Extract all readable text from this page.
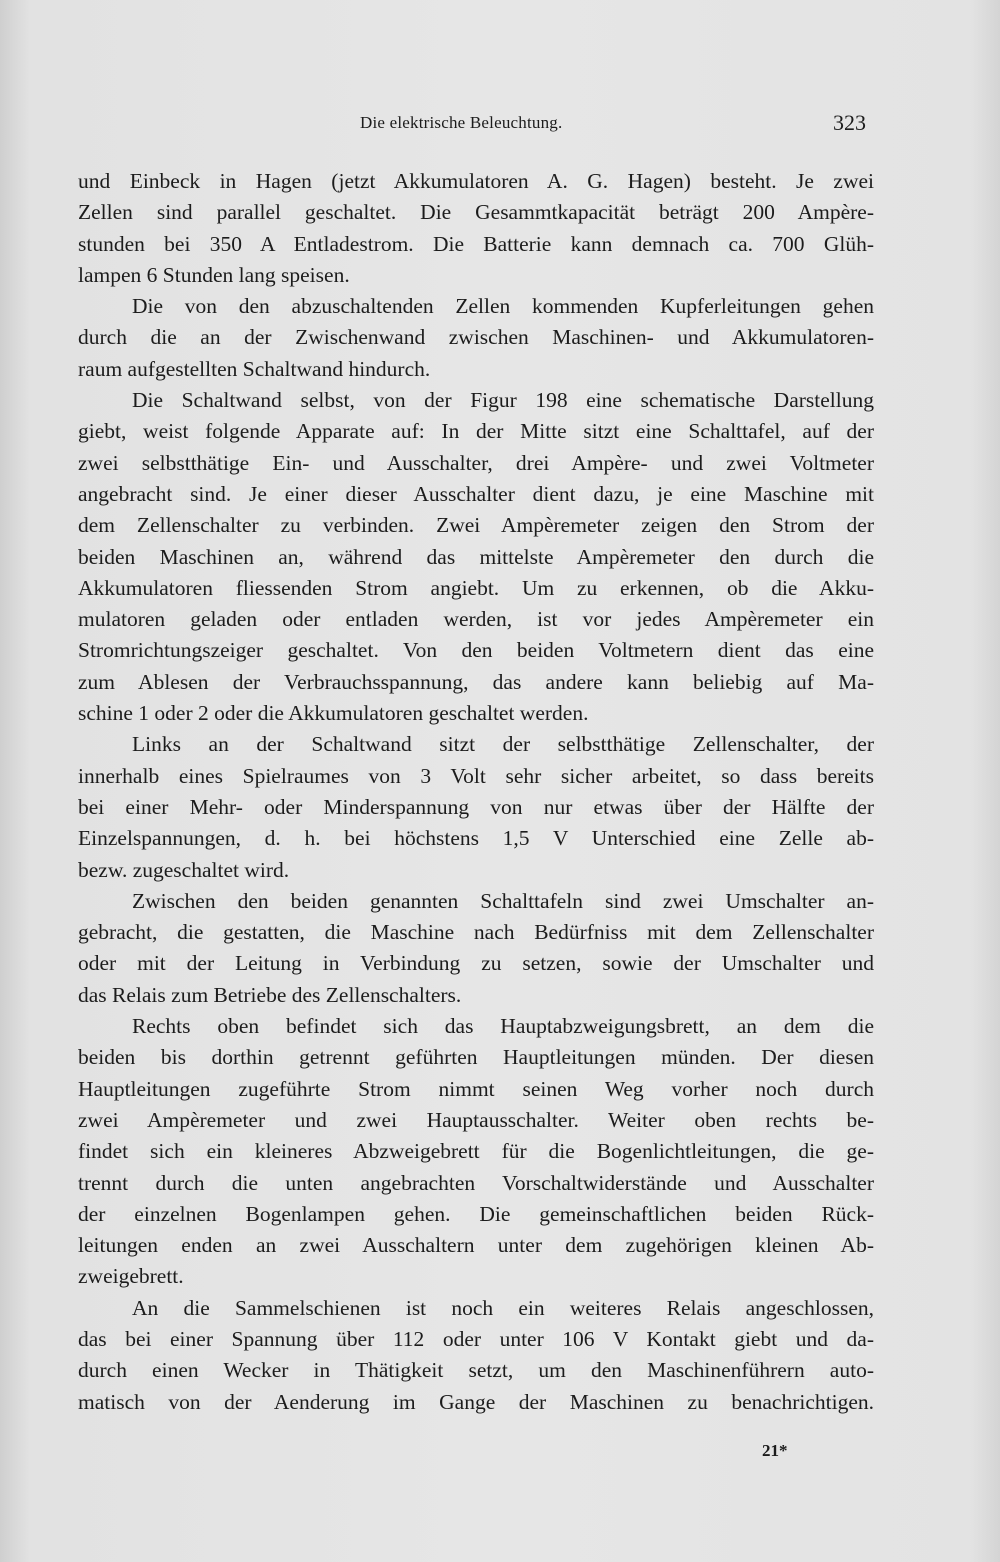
Die elektrische Beleuchtung.	323
und Einbeck in Hagen (jetzt Akkumulatoren A. G. Hagen) besteht. Je zwei
Zellen sind parallel geschaltet. Die Gesammtkapacität beträgt 200 Ampère-
stunden bei 350 A Entladestrom. Die Batterie kann demnach ca. 700 Glüh-
lampen 6 Stunden lang speisen.
Die von den abzuschaltenden Zellen kommenden Kupferleitungen gehen
durch die an der Zwischenwand zwischen Maschinen- und Akkumulatoren-
raum aufgestellten Schaltwand hindurch.
Die Schaltwand selbst, von der Figur 198 eine schematische Darstellung
giebt, weist folgende Apparate auf: In der Mitte sitzt eine Schalttafel, auf der
zwei selbstthätige Ein- und Ausschalter, drei Ampère- und zwei Voltmeter
angebracht sind. Je einer dieser Ausschalter dient dazu, je eine Maschine mit
dem Zellenschalter zu verbinden. Zwei Ampèremeter zeigen den Strom der
beiden Maschinen an, während das mittelste Ampèremeter den durch die
Akkumulatoren fliessenden Strom angiebt. Um zu erkennen, ob die Akku-
mulatoren geladen oder entladen werden, ist vor jedes Ampèremeter ein
Stromrichtungszeiger geschaltet. Von den beiden Voltmetern dient das eine
zum Ablesen der Verbrauchsspannung, das andere kann beliebig auf Ma-
schine 1 oder 2 oder die Akkumulatoren geschaltet werden.
Links an der Schaltwand sitzt der selbstthätige Zellenschalter, der
innerhalb eines Spielraumes von 3 Volt sehr sicher arbeitet, so dass bereits
bei einer Mehr- oder Minderspannung von nur etwas über der Hälfte der
Einzelspannungen, d. h. bei höchstens 1,5 V Unterschied eine Zelle ab-
bezw. zugeschaltet wird.
Zwischen den beiden genannten Schalttafeln sind zwei Umschalter an-
gebracht, die gestatten, die Maschine nach Bedürfniss mit dem Zellenschalter
oder mit der Leitung in Verbindung zu setzen, sowie der Umschalter und
das Relais zum Betriebe des Zellenschalters.
Rechts oben befindet sich das Hauptabzweigungsbrett, an dem die
beiden bis dorthin getrennt geführten Hauptleitungen münden. Der diesen
Hauptleitungen zugeführte Strom nimmt seinen Weg vorher noch durch
zwei Ampèremeter und zwei Hauptausschalter. Weiter oben rechts be-
findet sich ein kleineres Abzweigebrett für die Bogenlichtleitungen, die ge-
trennt durch die unten angebrachten Vorschaltwiderstände und Ausschalter
der einzelnen Bogenlampen gehen. Die gemeinschaftlichen beiden Rück-
leitungen enden an zwei Ausschaltern unter dem zugehörigen kleinen Ab-
zweigebrett.
An die Sammelschienen ist noch ein weiteres Relais angeschlossen,
das bei einer Spannung über 112 oder unter 106 V Kontakt giebt und da-
durch einen Wecker in Thätigkeit setzt, um den Maschinenführern auto-
matisch von der Aenderung im Gange der Maschinen zu benachrichtigen.
21*
